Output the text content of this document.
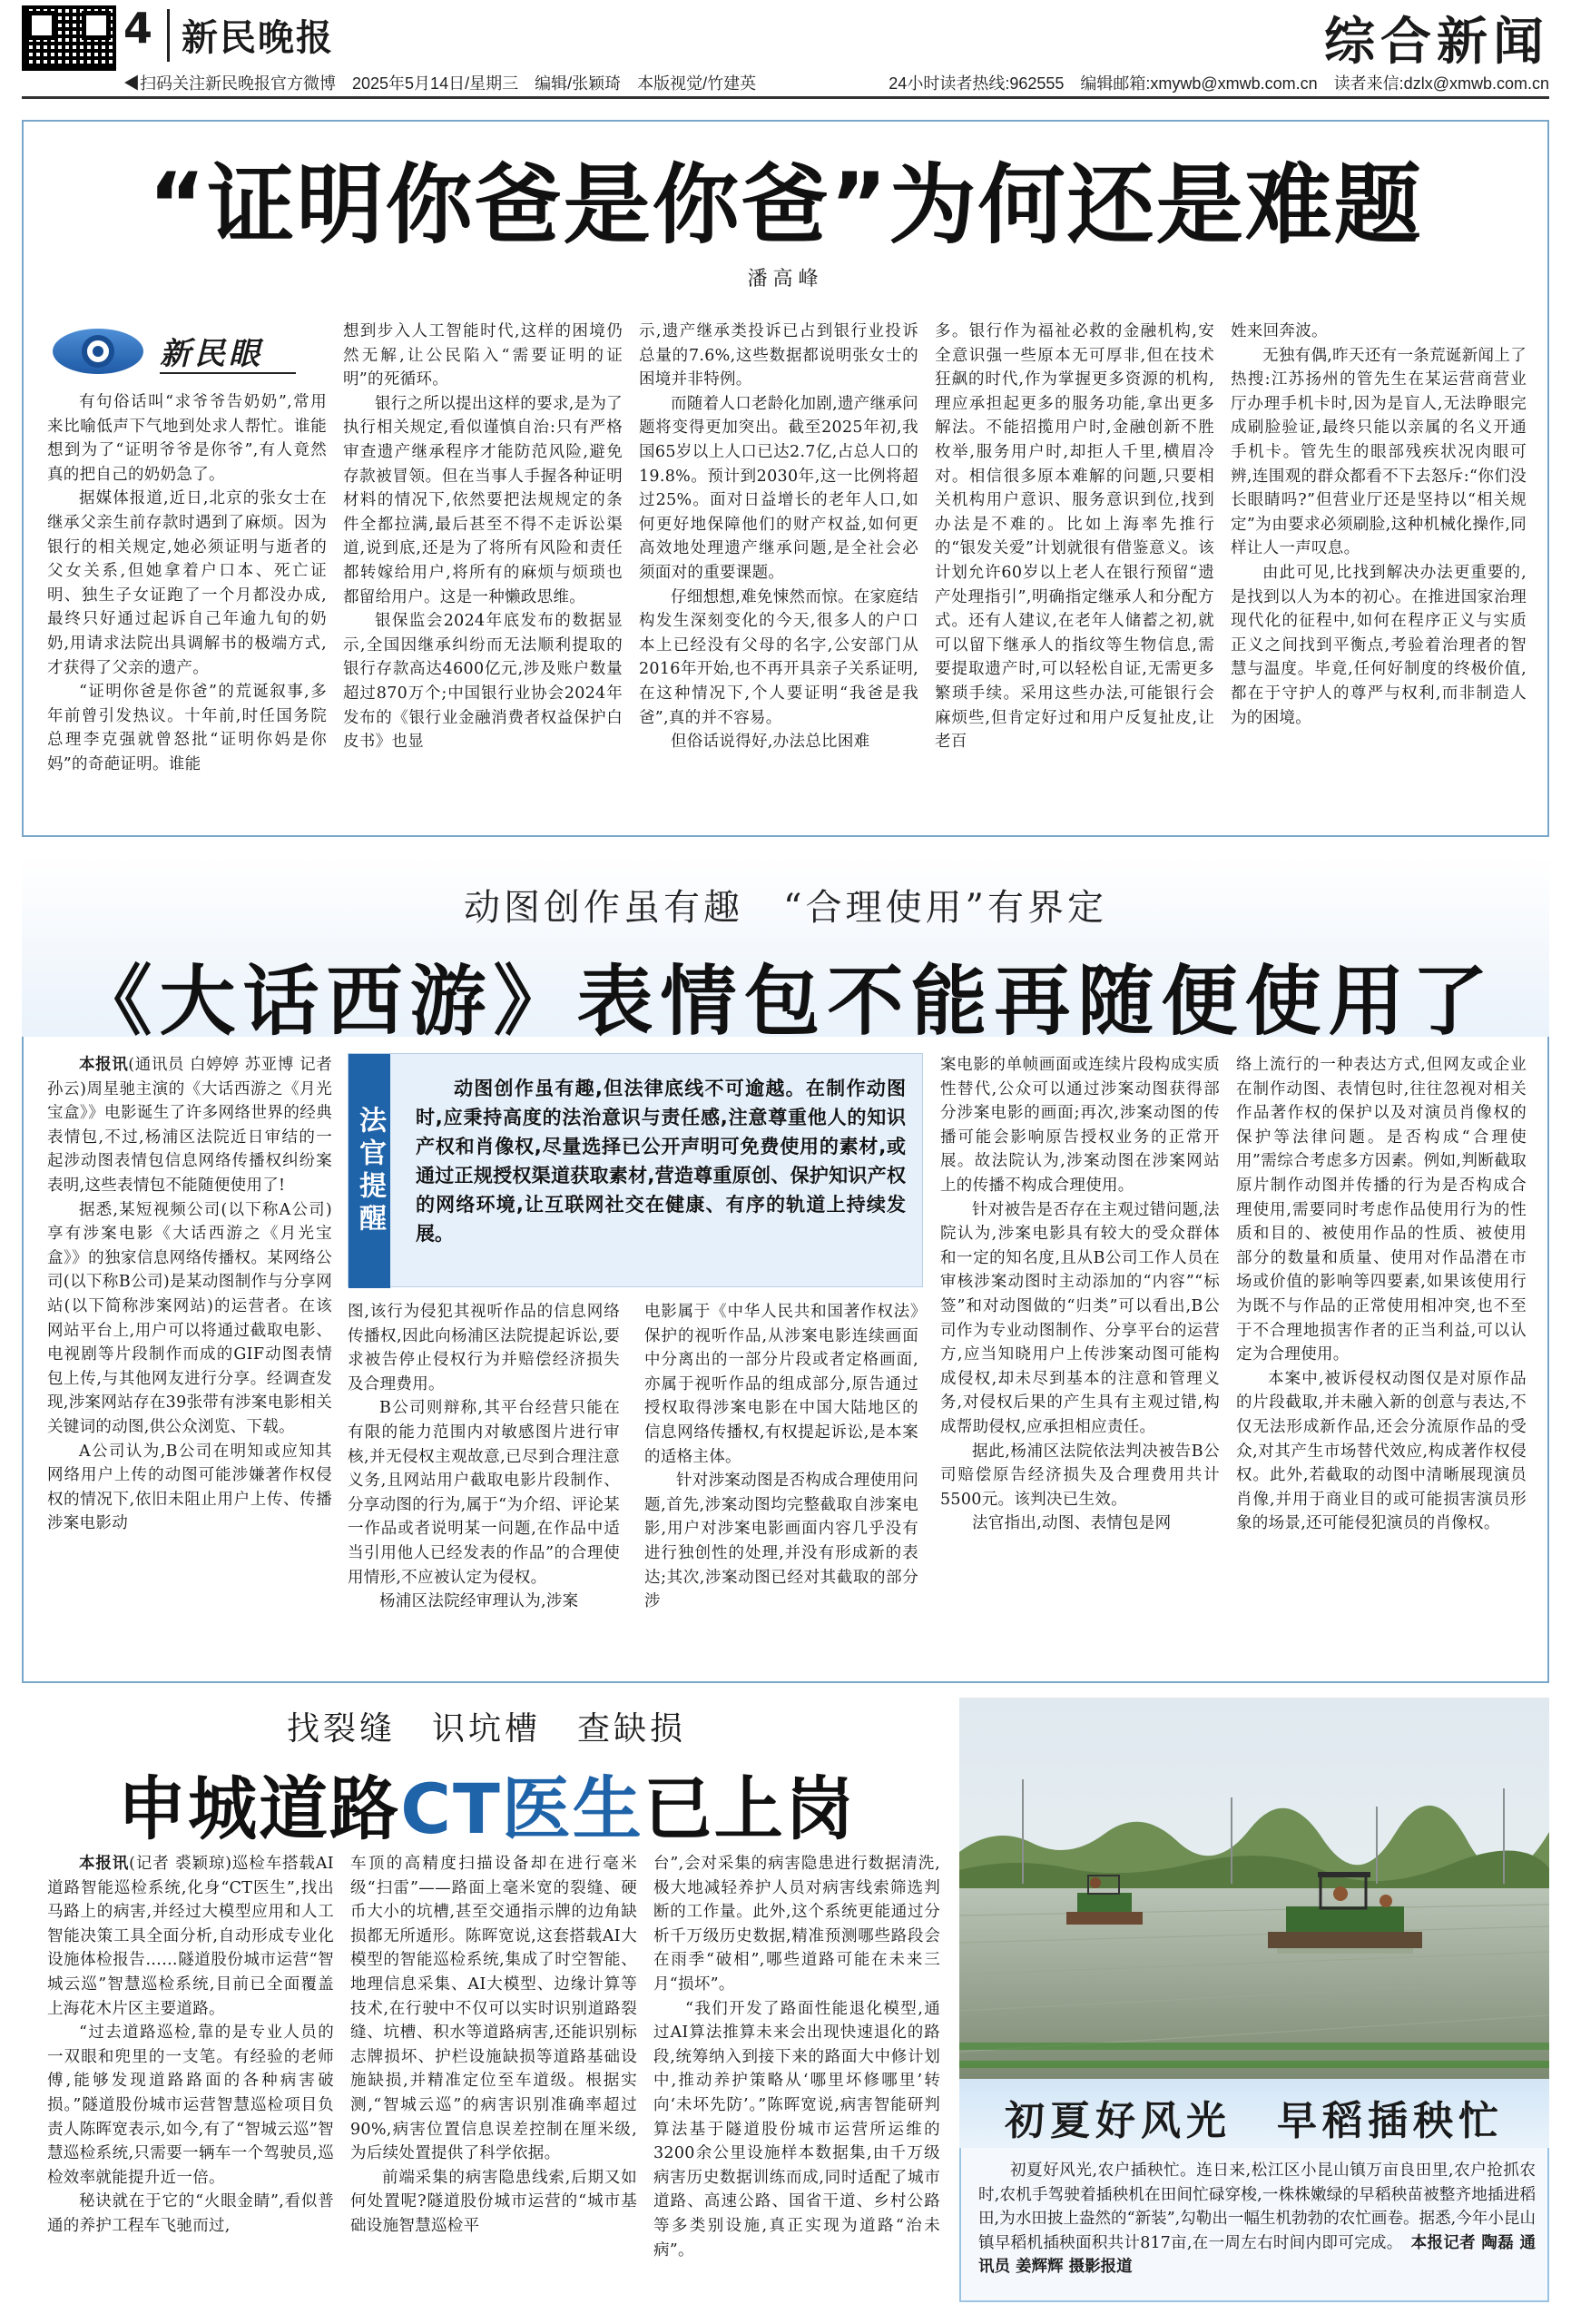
4 新民晚报	综合新闻
◀扫码关注新民晚报官方微博　2025年5月14日/星期三　编辑/张颖琦　本版视觉/竹建英	24小时读者热线:962555　编辑邮箱:xmywb@xmwb.com.cn　读者来信:dzlx@xmwb.com.cn
“证明你爸是你爸”为何还是难题
潘高峰
新民眼

有句俗话叫“求爷爷告奶奶”,常用来比喻低声下气地到处求人帮忙。谁能想到为了“证明爷爷是你爷”,有人竟然真的把自己的奶奶急了。

据媒体报道,近日,北京的张女士在继承父亲生前存款时遇到了麻烦。因为银行的相关规定,她必须证明与逝者的父女关系,但她拿着户口本、死亡证明、独生子女证跑了一个月都没办成,最终只好通过起诉自己年逾九旬的奶奶,用请求法院出具调解书的极端方式,才获得了父亲的遗产。

“证明你爸是你爸”的荒诞叙事,多年前曾引发热议。十年前,时任国务院总理李克强就曾怒批“证明你妈是你妈”的奇葩证明。谁能

想到步入人工智能时代,这样的困境仍然无解,让公民陷入“需要证明的证明”的死循环。

银行之所以提出这样的要求,是为了执行相关规定,看似谨慎自治:只有严格审查遗产继承程序才能防范风险,避免存款被冒领。但在当事人手握各种证明材料的情况下,依然要把法规规定的条件全都拉满,最后甚至不得不走诉讼渠道,说到底,还是为了将所有风险和责任都转嫁给用户,将所有的麻烦与烦琐也都留给用户。这是一种懒政思维。

银保监会2024年底发布的数据显示,全国因继承纠纷而无法顺利提取的银行存款高达4600亿元,涉及账户数量超过870万个;中国银行业协会2024年发布的《银行业金融消费者权益保护白皮书》也显

示,遗产继承类投诉已占到银行业投诉总量的7.6%,这些数据都说明张女士的困境并非特例。

而随着人口老龄化加剧,遗产继承问题将变得更加突出。截至2025年初,我国65岁以上人口已达2.7亿,占总人口的19.8%。预计到2030年,这一比例将超过25%。面对日益增长的老年人口,如何更好地保障他们的财产权益,如何更高效地处理遗产继承问题,是全社会必须面对的重要课题。

仔细想想,难免悚然而惊。在家庭结构发生深刻变化的今天,很多人的户口本上已经没有父母的名字,公安部门从2016年开始,也不再开具亲子关系证明,在这种情况下,个人要证明“我爸是我爸”,真的并不容易。

但俗话说得好,办法总比困难

多。银行作为福祉必救的金融机构,安全意识强一些原本无可厚非,但在技术狂飙的时代,作为掌握更多资源的机构,理应承担起更多的服务功能,拿出更多解法。不能招揽用户时,金融创新不胜枚举,服务用户时,却拒人千里,横眉冷对。相信很多原本难解的问题,只要相关机构用户意识、服务意识到位,找到办法是不难的。比如上海率先推行的“银发关爱”计划就很有借鉴意义。该计划允许60岁以上老人在银行预留“遗产处理指引”,明确指定继承人和分配方式。还有人建议,在老年人储蓄之初,就可以留下继承人的指纹等生物信息,需要提取遗产时,可以轻松自证,无需更多繁琐手续。采用这些办法,可能银行会麻烦些,但肯定好过和用户反复扯皮,让老百

姓来回奔波。

无独有偶,昨天还有一条荒诞新闻上了热搜:江苏扬州的管先生在某运营商营业厅办理手机卡时,因为是盲人,无法睁眼完成刷脸验证,最终只能以亲属的名义开通手机卡。管先生的眼部残疾状况肉眼可辨,连围观的群众都看不下去怒斥:“你们没长眼睛吗?”但营业厅还是坚持以“相关规定”为由要求必须刷脸,这种机械化操作,同样让人一声叹息。

由此可见,比找到解决办法更重要的,是找到以人为本的初心。在推进国家治理现代化的征程中,如何在程序正义与实质正义之间找到平衡点,考验着治理者的智慧与温度。毕竟,任何好制度的终极价值,都在于守护人的尊严与权利,而非制造人为的困境。

动图创作虽有趣　“合理使用”有界定
《大话西游》表情包不能再随便使用了
法官提醒
动图创作虽有趣,但法律底线不可逾越。在制作动图时,应秉持高度的法治意识与责任感,注意尊重他人的知识产权和肖像权,尽量选择已公开声明可免费使用的素材,或通过正规授权渠道获取素材,营造尊重原创、保护知识产权的网络环境,让互联网社交在健康、有序的轨道上持续发展。

本报讯(通讯员 白婷婷 苏亚博 记者 孙云)周星驰主演的《大话西游之《月光宝盒》》电影诞生了许多网络世界的经典表情包,不过,杨浦区法院近日审结的一起涉动图表情包信息网络传播权纠纷案表明,这些表情包不能随便使用了!

据悉,某短视频公司(以下称A公司)享有涉案电影《大话西游之《月光宝盒》》的独家信息网络传播权。某网络公司(以下称B公司)是某动图制作与分享网站(以下简称涉案网站)的运营者。在该网站平台上,用户可以将通过截取电影、电视剧等片段制作而成的GIF动图表情包上传,与其他网友进行分享。经调查发现,涉案网站存在39张带有涉案电影相关关键词的动图,供公众浏览、下载。

A公司认为,B公司在明知或应知其网络用户上传的动图可能涉嫌著作权侵权的情况下,依旧未阻止用户上传、传播涉案电影动

图,该行为侵犯其视听作品的信息网络传播权,因此向杨浦区法院提起诉讼,要求被告停止侵权行为并赔偿经济损失及合理费用。

B公司则辩称,其平台经营只能在有限的能力范围内对敏感图片进行审核,并无侵权主观故意,已尽到合理注意义务,且网站用户截取电影片段制作、分享动图的行为,属于“为介绍、评论某一作品或者说明某一问题,在作品中适当引用他人已经发表的作品”的合理使用情形,不应被认定为侵权。

杨浦区法院经审理认为,涉案

电影属于《中华人民共和国著作权法》保护的视听作品,从涉案电影连续画面中分离出的一部分片段或者定格画面,亦属于视听作品的组成部分,原告通过授权取得涉案电影在中国大陆地区的信息网络传播权,有权提起诉讼,是本案的适格主体。

针对涉案动图是否构成合理使用问题,首先,涉案动图均完整截取自涉案电影,用户对涉案电影画面内容几乎没有进行独创性的处理,并没有形成新的表达;其次,涉案动图已经对其截取的部分涉

案电影的单帧画面或连续片段构成实质性替代,公众可以通过涉案动图获得部分涉案电影的画面;再次,涉案动图的传播可能会影响原告授权业务的正常开展。故法院认为,涉案动图在涉案网站上的传播不构成合理使用。

针对被告是否存在主观过错问题,法院认为,涉案电影具有较大的受众群体和一定的知名度,且从B公司工作人员在审核涉案动图时主动添加的“内容”“标签”和对动图做的“归类”可以看出,B公司作为专业动图制作、分享平台的运营方,应当知晓用户上传涉案动图可能构成侵权,却未尽到基本的注意和管理义务,对侵权后果的产生具有主观过错,构成帮助侵权,应承担相应责任。

据此,杨浦区法院依法判决被告B公司赔偿原告经济损失及合理费用共计5500元。该判决已生效。

法官指出,动图、表情包是网

络上流行的一种表达方式,但网友或企业在制作动图、表情包时,往往忽视对相关作品著作权的保护以及对演员肖像权的保护等法律问题。是否构成“合理使用”需综合考虑多方因素。例如,判断截取原片制作动图并传播的行为是否构成合理使用,需要同时考虑作品使用行为的性质和目的、被使用作品的性质、被使用部分的数量和质量、使用对作品潜在市场或价值的影响等四要素,如果该使用行为既不与作品的正常使用相冲突,也不至于不合理地损害作者的正当利益,可以认定为合理使用。

本案中,被诉侵权动图仅是对原作品的片段截取,并未融入新的创意与表达,不仅无法形成新作品,还会分流原作品的受众,对其产生市场替代效应,构成著作权侵权。此外,若截取的动图中清晰展现演员肖像,并用于商业目的或可能损害演员形象的场景,还可能侵犯演员的肖像权。

找裂缝　识坑槽　查缺损
申城道路CT医生已上岗

本报讯(记者 裘颖琼)巡检车搭载AI道路智能巡检系统,化身“CT医生”,找出马路上的病害,并经过大模型应用和人工智能决策工具全面分析,自动形成专业化设施体检报告……隧道股份城市运营“智城云巡”智慧巡检系统,目前已全面覆盖上海花木片区主要道路。

“过去道路巡检,靠的是专业人员的一双眼和兜里的一支笔。有经验的老师傅,能够发现道路路面的各种病害破损。”隧道股份城市运营智慧巡检项目负责人陈晖宽表示,如今,有了“智城云巡”智慧巡检系统,只需要一辆车一个驾驶员,巡检效率就能提升近一倍。

秘诀就在于它的“火眼金睛”,看似普通的养护工程车飞驰而过,

车顶的高精度扫描设备却在进行毫米级“扫雷”——路面上毫米宽的裂缝、硬币大小的坑槽,甚至交通指示牌的边角缺损都无所遁形。陈晖宽说,这套搭载AI大模型的智能巡检系统,集成了时空智能、地理信息采集、AI大模型、边缘计算等技术,在行驶中不仅可以实时识别道路裂缝、坑槽、积水等道路病害,还能识别标志牌损坏、护栏设施缺损等道路基础设施缺损,并精准定位至车道级。根据实测,“智城云巡”的病害识别准确率超过90%,病害位置信息误差控制在厘米级,为后续处置提供了科学依据。

前端采集的病害隐患线索,后期又如何处置呢?隧道股份城市运营的“城市基础设施智慧巡检平

台”,会对采集的病害隐患进行数据清洗,极大地减轻养护人员对病害线索筛选判断的工作量。此外,这个系统更能通过分析千万级历史数据,精准预测哪些路段会在雨季“破相”,哪些道路可能在未来三月“损坏”。

“我们开发了路面性能退化模型,通过AI算法推算未来会出现快速退化的路段,统筹纳入到接下来的路面大中修计划中,推动养护策略从‘哪里坏修哪里’转向‘未坏先防’。”陈晖宽说,病害智能研判算法基于隧道股份城市运营所运维的3200余公里设施样本数据集,由千万级病害历史数据训练而成,同时适配了城市道路、高速公路、国省干道、乡村公路等多类别设施,真正实现为道路“治未病”。

初夏好风光　早稻插秧忙
初夏好风光,农户插秧忙。连日来,松江区小昆山镇万亩良田里,农户抢抓农时,农机手驾驶着插秧机在田间忙碌穿梭,一株株嫩绿的早稻秧苗被整齐地插进稻田,为水田披上盎然的“新装”,勾勒出一幅生机勃勃的农忙画卷。据悉,今年小昆山镇早稻机插秧面积共计817亩,在一周左右时间内即可完成。　 本报记者 陶磊 通讯员 姜辉辉 摄影报道
